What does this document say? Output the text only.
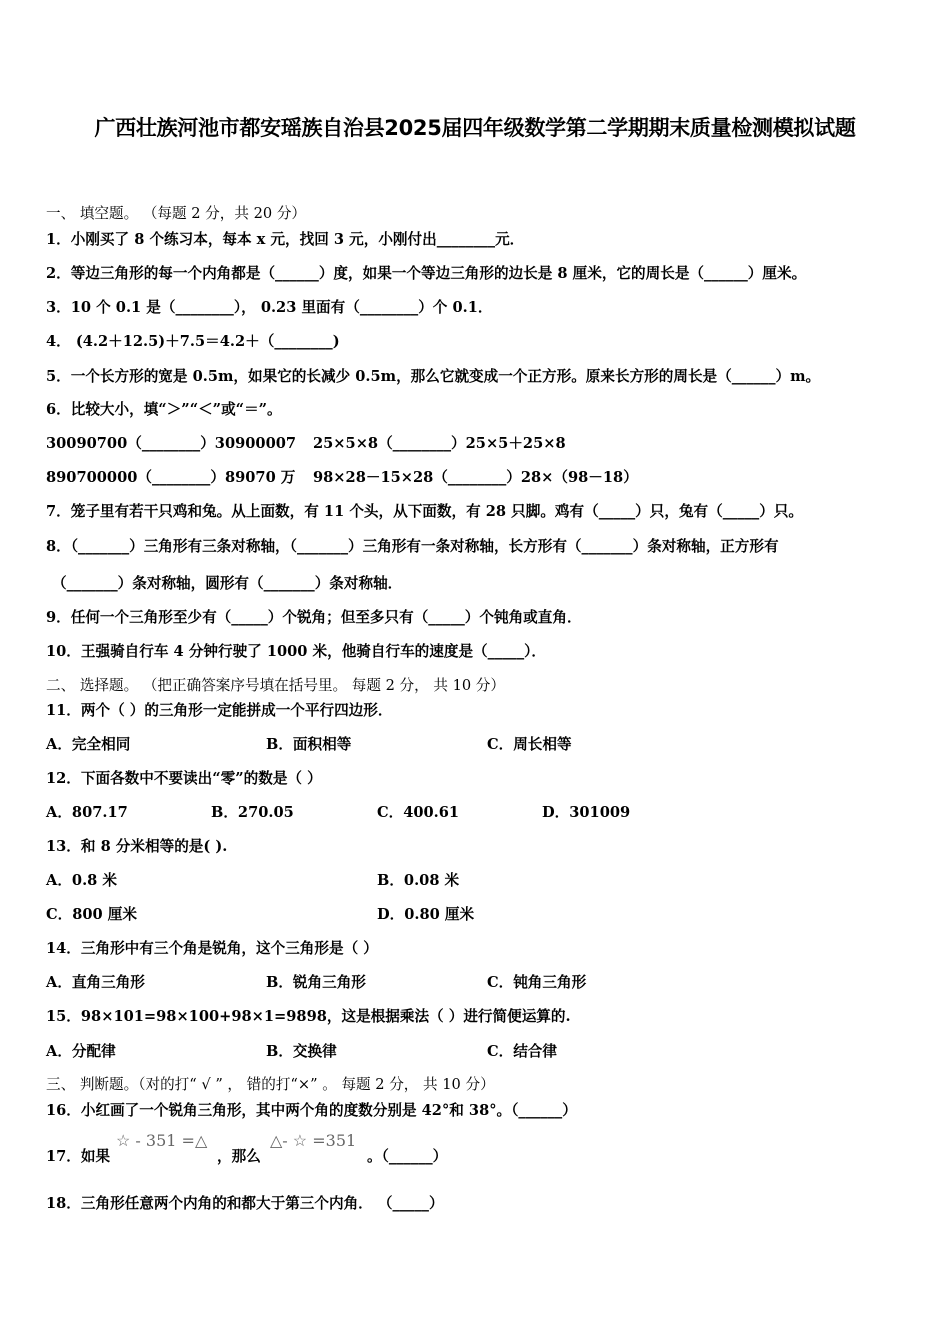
广西壮族河池市都安瑶族自治县2025届四年级数学第二学期期末质量检测模拟试题
一、 填空题。 （每题 2 分，共 20 分）
1．小刚买了 8 个练习本，每本 x 元，找回 3 元，小刚付出________元．
2．等边三角形的每一个内角都是（______）度，如果一个等边三角形的边长是 8 厘米，它的周长是（______）厘米。
3．10 个 0.1 是（________）， 0.23 里面有（________）个 0.1．
4． (4.2＋12.5)＋7.5＝4.2＋（________)
5．一个长方形的宽是 0.5m，如果它的长减少 0.5m，那么它就变成一个正方形。原来长方形的周长是（______）m。
6．比较大小，填“＞”“＜”或“＝”。
30090700（________）30900007 25×5×8（________）25×5＋25×8
890700000（________）89070 万 98×28－15×28（________）28×（98－18）
7．笼子里有若干只鸡和兔。从上面数，有 11 个头，从下面数，有 28 只脚。鸡有（_____）只，兔有（_____）只。
8．（_______）三角形有三条对称轴，（_______）三角形有一条对称轴，长方形有（_______）条对称轴，正方形有
（_______）条对称轴，圆形有（_______）条对称轴．
9．任何一个三角形至少有（_____）个锐角；但至多只有（_____）个钝角或直角．
10．王强骑自行车 4 分钟行驶了 1000 米，他骑自行车的速度是（_____）．
二、 选择题。 （把正确答案序号填在括号里。 每题 2 分， 共 10 分）
11．两个（ ）的三角形一定能拼成一个平行四边形．
A．完全相同	B．面积相等	C．周长相等
12．下面各数中不要读出“零”的数是（ ）
A．807.17	B．270.05	C．400.61	D．301009
13．和 8 分米相等的是( ).
A．0.8 米	B．0.08 米
C．800 厘米	D．0.80 厘米
14．三角形中有三个角是锐角，这个三角形是（ ）
A．直角三角形	B．锐角三角形	C．钝角三角形
15．98×101=98×100+98×1=9898，这是根据乘法（ ）进行简便运算的.
A．分配律	B．交换律	C．结合律
三、 判断题。（对的打“ √ ” ， 错的打“×” 。 每题 2 分， 共 10 分）
16．小红画了一个锐角三角形，其中两个角的度数分别是 42°和 38°。（______）
17．如果
☆ - 351 =△
，那么
△- ☆ =351
。（______）
18．三角形任意两个内角的和都大于第三个内角． （_____）
